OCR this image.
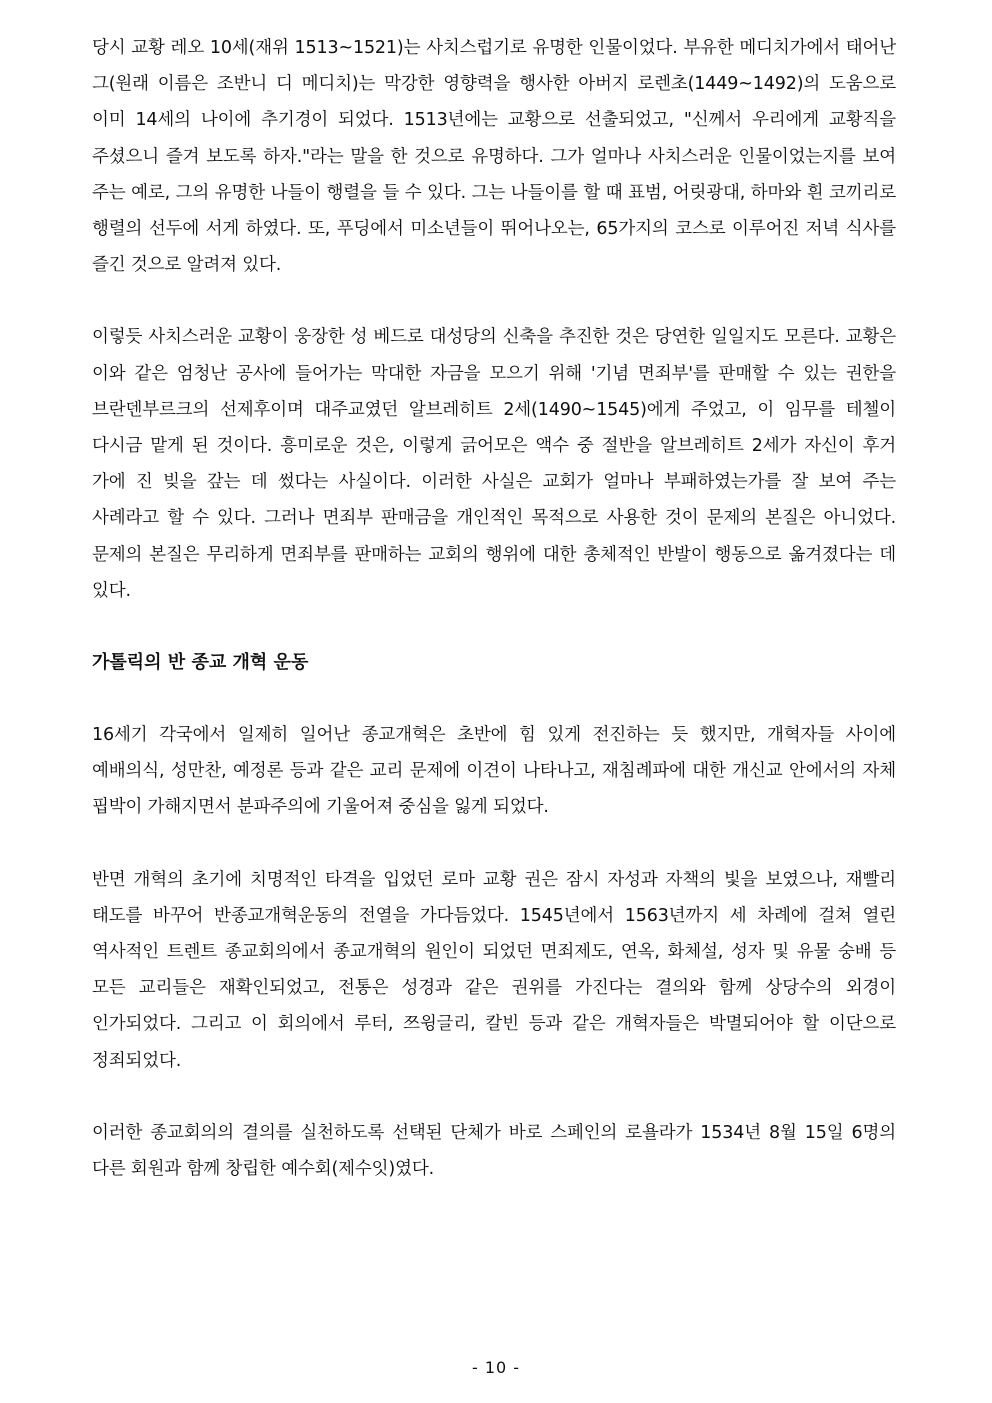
당시 교황 레오 10세(재위 1513~1521)는 사치스럽기로 유명한 인물이었다. 부유한 메디치가에서 태어난 그(원래 이름은 조반니 디 메디치)는 막강한 영향력을 행사한 아버지 로렌초(1449~1492)의 도움으로 이미 14세의 나이에 추기경이 되었다. 1513년에는 교황으로 선출되었고, "신께서 우리에게 교황직을 주셨으니 즐겨 보도록 하자."라는 말을 한 것으로 유명하다. 그가 얼마나 사치스러운 인물이었는지를 보여 주는 예로, 그의 유명한 나들이 행렬을 들 수 있다. 그는 나들이를 할 때 표범, 어릿광대, 하마와 흰 코끼리로 행렬의 선두에 서게 하였다. 또, 푸딩에서 미소년들이 뛰어나오는, 65가지의 코스로 이루어진 저녁 식사를 즐긴 것으로 알려져 있다.

이렇듯 사치스러운 교황이 웅장한 성 베드로 대성당의 신축을 추진한 것은 당연한 일일지도 모른다. 교황은 이와 같은 엄청난 공사에 들어가는 막대한 자금을 모으기 위해 '기념 면죄부'를 판매할 수 있는 권한을 브란덴부르크의 선제후이며 대주교였던 알브레히트 2세(1490~1545)에게 주었고, 이 임무를 테첼이 다시금 맡게 된 것이다. 흥미로운 것은, 이렇게 긁어모은 액수 중 절반을 알브레히트 2세가 자신이 후거 가에 진 빚을 갚는 데 썼다는 사실이다. 이러한 사실은 교회가 얼마나 부패하였는가를 잘 보여 주는 사례라고 할 수 있다. 그러나 면죄부 판매금을 개인적인 목적으로 사용한 것이 문제의 본질은 아니었다. 문제의 본질은 무리하게 면죄부를 판매하는 교회의 행위에 대한 총체적인 반발이 행동으로 옮겨졌다는 데 있다.

가톨릭의 반 종교 개혁 운동

16세기 각국에서 일제히 일어난 종교개혁은 초반에 힘 있게 전진하는 듯 했지만, 개혁자들 사이에 예배의식, 성만찬, 예정론 등과 같은 교리 문제에 이견이 나타나고, 재침례파에 대한 개신교 안에서의 자체 핍박이 가해지면서 분파주의에 기울어져 중심을 잃게 되었다.

반면 개혁의 초기에 치명적인 타격을 입었던 로마 교황 권은 잠시 자성과 자책의 빛을 보였으나, 재빨리 태도를 바꾸어 반종교개혁운동의 전열을 가다듬었다. 1545년에서 1563년까지 세 차례에 걸쳐 열린 역사적인 트렌트 종교회의에서 종교개혁의 원인이 되었던 면죄제도, 연옥, 화체설, 성자 및 유물 숭배 등 모든 교리들은 재확인되었고, 전통은 성경과 같은 권위를 가진다는 결의와 함께 상당수의 외경이 인가되었다. 그리고 이 회의에서 루터, 쯔윙글리, 칼빈 등과 같은 개혁자들은 박멸되어야 할 이단으로 정죄되었다.

이러한 종교회의의 결의를 실천하도록 선택된 단체가 바로 스페인의 로욜라가 1534년 8월 15일 6명의 다른 회원과 함께 창립한 예수회(제수잇)였다.

- 10 -
